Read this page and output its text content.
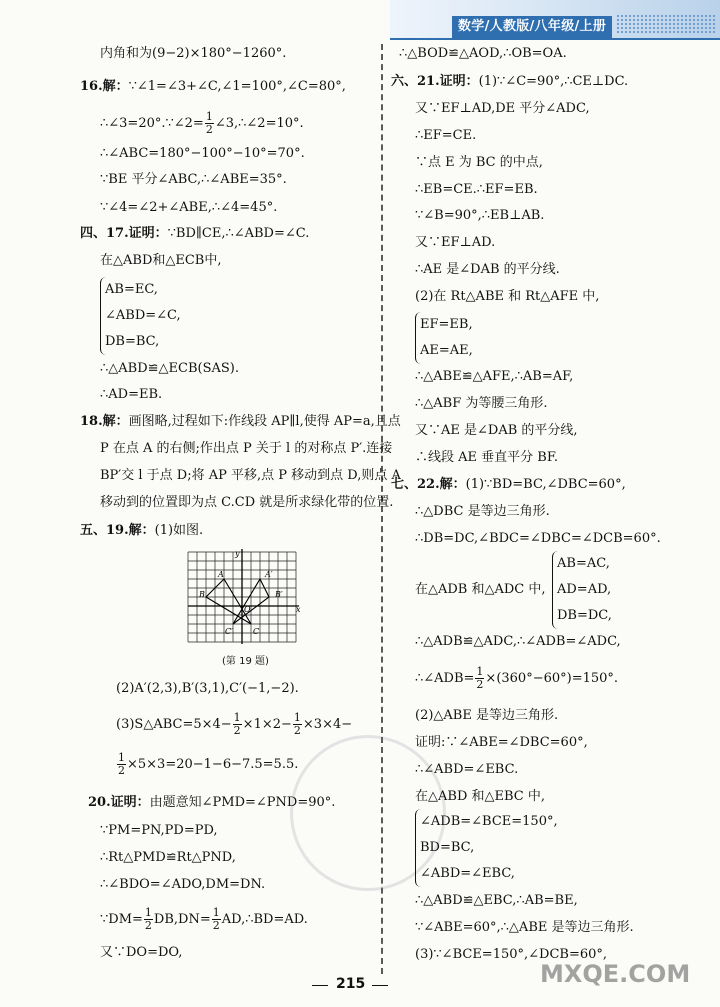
数学/人教版/八年级/上册
内角和为(9−2)×180°−1260°.
16.解：∵∠1=∠3+∠C,∠1=100°,∠C=80°,
∴∠3=20°.∵∠2= $\frac{1}{2}$ ∠3,∴∠2=10°.
∴∠ABC=180°−100°−10°=70°.
∵BE 平分∠ABC,∴∠ABE=35°.
∵∠4=∠2+∠ABE,∴∠4=45°.
四、17.证明：∵BD∥CE,∴∠ABD=∠C.
在△ABD和△ECB中,
AB=EC,
∠ABD=∠C,
DB=BC,
∴△ABD≌△ECB(SAS).
∴AD=EB.
18.解：画图略,过程如下:作线段 AP∥l,使得 AP=a,且点
P 在点 A 的右侧;作出点 P 关于 l 的对称点 P′.连接
BP′交 l 于点 D;将 AP 平移,点 P 移动到点 D,则点 A
移动到的位置即为点 C.CD 就是所求绿化带的位置.
五、19.解：(1)如图.
A	A′
B	B′
C
C′
O	x
y
(第 19 题)
(2)A′(2,3),B′(3,1),C′(−1,−2).
(3)S△ABC=5×4− $\frac{1}{2} \times 1\times 2- \frac{1}{2} \times 3\times 4-$
$\frac{1}{2} \times 5\times 3=20-1-6-7.5=5.5$.
20.证明：由题意知∠PMD=∠PND=90°.
∵PM=PN,PD=PD,
∴Rt△PMD≌Rt△PND,
∴∠BDO=∠ADO,DM=DN.
∵DM= $\frac{1}{2} DB,DN= \frac{1}{2}$ AD,∴BD=AD.
又∵DO=DO,
∴△BOD≌△AOD,∴OB=OA.
六、21.证明：(1)∵∠C=90°,∴CE⊥DC.
又∵EF⊥AD,DE 平分∠ADC,
∴EF=CE.
∵点 E 为 BC 的中点,
∴EB=CE.∴EF=EB.
∵∠B=90°,∴EB⊥AB.
又∵EF⊥AD.
∴AE 是∠DAB 的平分线.
(2)在 Rt△ABE 和 Rt△AFE 中,
EF=EB,
AE=AE,
∴△ABE≌△AFE,∴AB=AF,
∴△ABF 为等腰三角形.
又∵AE 是∠DAB 的平分线,
∴线段 AE 垂直平分 BF.
七、22.解：(1)∵BD=BC,∠DBC=60°,
∴△DBC 是等边三角形.
∴DB=DC,∠BDC=∠DBC=∠DCB=60°.
在△ADB 和△ADC 中,
AB=AC,
AD=AD,
DB=DC,
∴△ADB≌△ADC,∴∠ADB=∠ADC,
∴∠ADB= $\frac{1}{2} \times(360^\circ-60^\circ)=150^\circ$.
(2)△ABE 是等边三角形.
证明:∵∠ABE=∠DBC=60°,
∴∠ABD=∠EBC.
在△ABD 和△EBC 中,
∠ADB=∠BCE=150°,
BD=BC,
∠ABD=∠EBC,
∴△ABD≌△EBC,∴AB=BE,
∵∠ABE=60°,∴△ABE 是等边三角形.
(3)∵∠BCE=150°,∠DCB=60°,
215	MXQE.COM
